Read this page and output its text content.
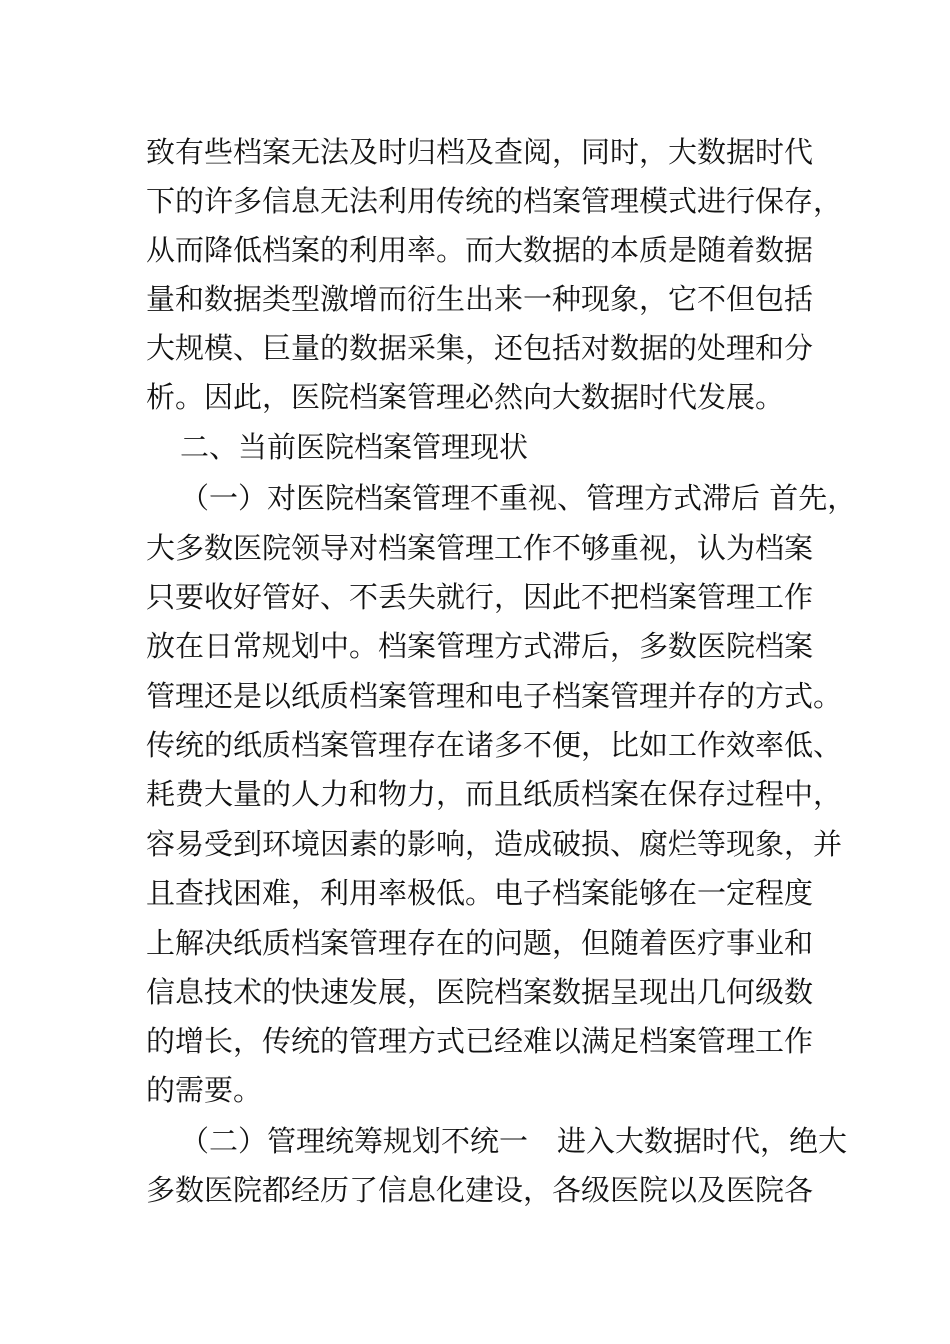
致有些档案无法及时归档及查阅，同时，大数据时代
下的许多信息无法利用传统的档案管理模式进行保存，
从而降低档案的利用率。而大数据的本质是随着数据
量和数据类型激增而衍生出来一种现象，它不但包括
大规模、巨量的数据采集，还包括对数据的处理和分
析。因此，医院档案管理必然向大数据时代发展。
二、当前医院档案管理现状
（一）对医院档案管理不重视、管理方式滞后 首先，
大多数医院领导对档案管理工作不够重视，认为档案
只要收好管好、不丢失就行，因此不把档案管理工作
放在日常规划中。档案管理方式滞后，多数医院档案
管理还是以纸质档案管理和电子档案管理并存的方式。
传统的纸质档案管理存在诸多不便，比如工作效率低、
耗费大量的人力和物力，而且纸质档案在保存过程中，
容易受到环境因素的影响，造成破损、腐烂等现象，并
且查找困难，利用率极低。电子档案能够在一定程度
上解决纸质档案管理存在的问题，但随着医疗事业和
信息技术的快速发展，医院档案数据呈现出几何级数
的增长，传统的管理方式已经难以满足档案管理工作
的需要。
（二）管理统筹规划不统一　进入大数据时代，绝大
多数医院都经历了信息化建设，各级医院以及医院各
